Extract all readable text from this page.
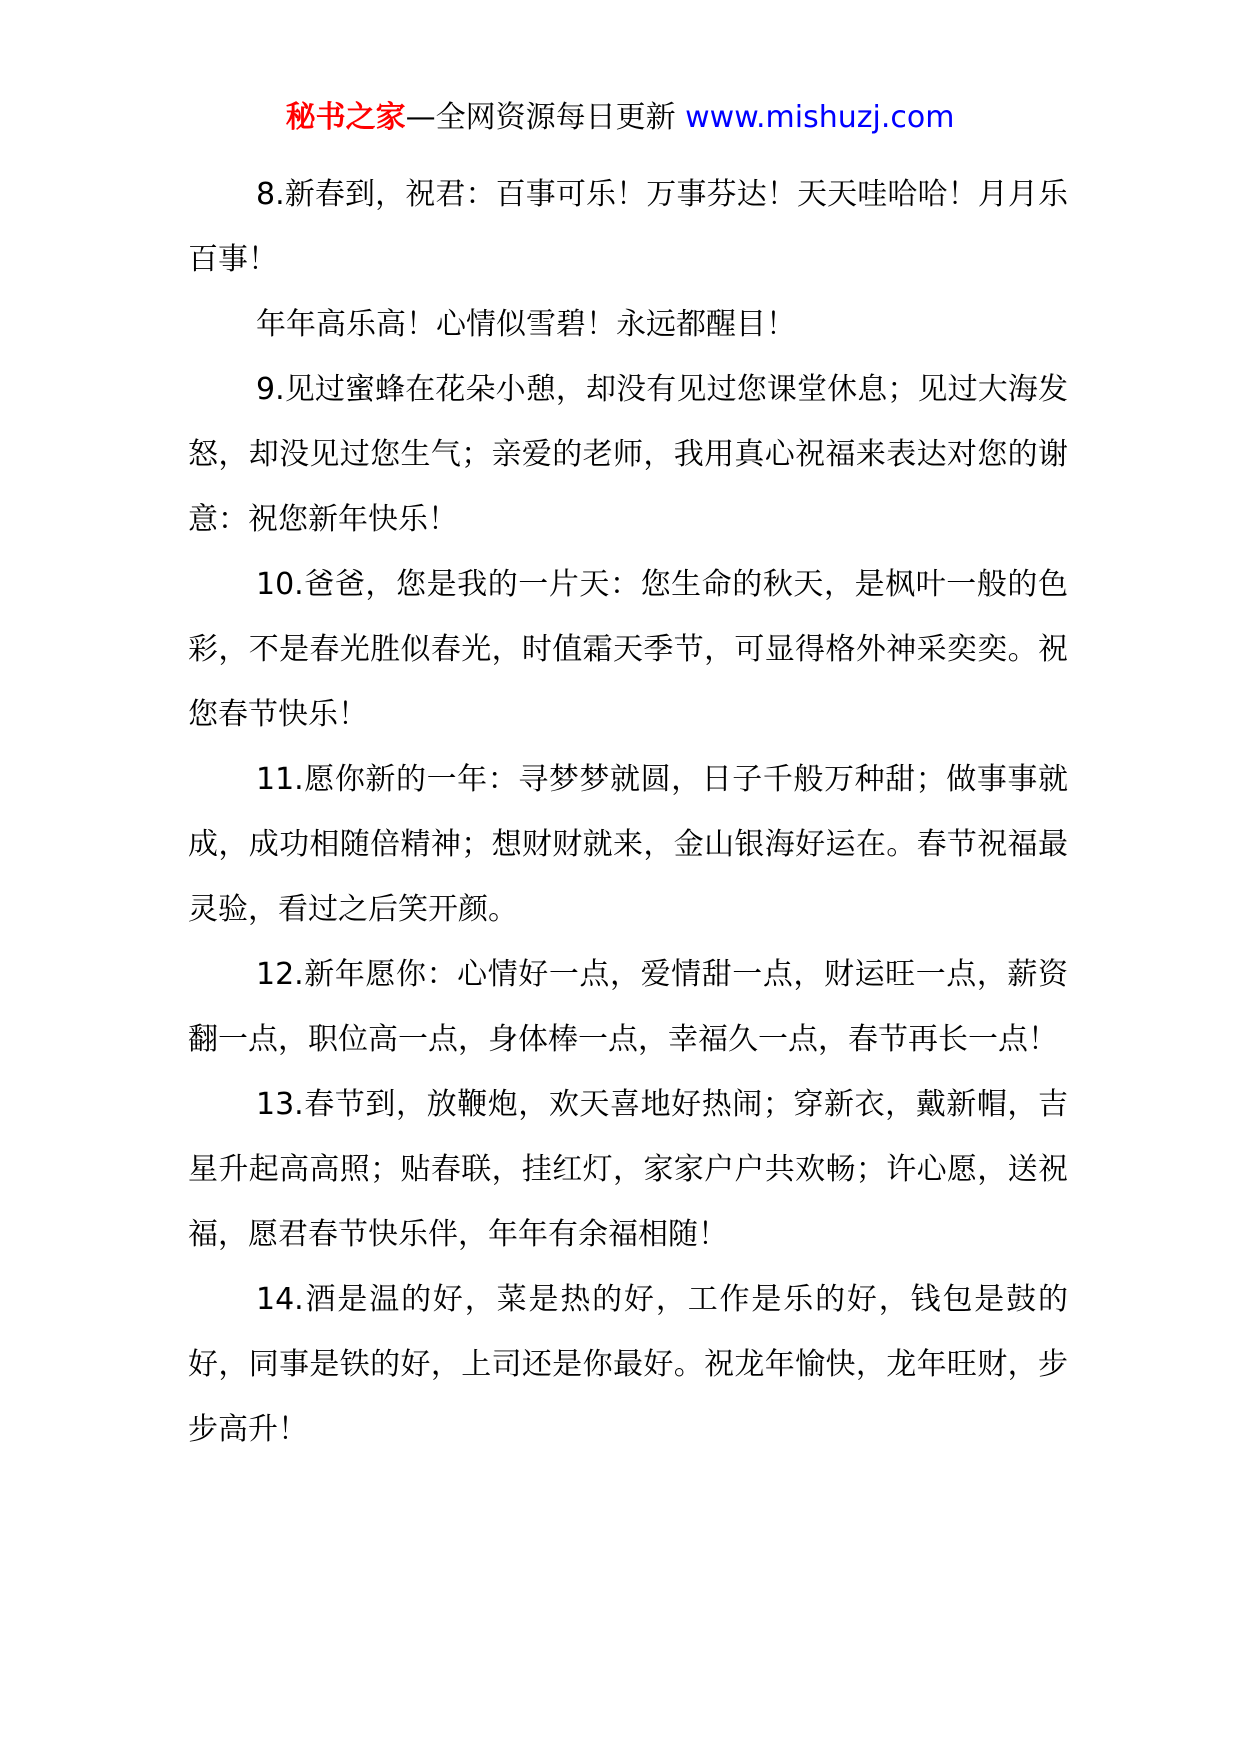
秘书之家—全网资源每日更新 www.mishuzj.com

8.新春到，祝君：百事可乐！万事芬达！天天哇哈哈！月月乐百事！

年年高乐高！心情似雪碧！永远都醒目！

9.见过蜜蜂在花朵小憩，却没有见过您课堂休息；见过大海发怒，却没见过您生气；亲爱的老师，我用真心祝福来表达对您的谢意：祝您新年快乐！

10.爸爸，您是我的一片天：您生命的秋天，是枫叶一般的色彩，不是春光胜似春光，时值霜天季节，可显得格外神采奕奕。祝您春节快乐！

11.愿你新的一年：寻梦梦就圆，日子千般万种甜；做事事就成，成功相随倍精神；想财财就来，金山银海好运在。春节祝福最灵验，看过之后笑开颜。

12.新年愿你：心情好一点，爱情甜一点，财运旺一点，薪资翻一点，职位高一点，身体棒一点，幸福久一点，春节再长一点！

13.春节到，放鞭炮，欢天喜地好热闹；穿新衣，戴新帽，吉星升起高高照；贴春联，挂红灯，家家户户共欢畅；许心愿，送祝福，愿君春节快乐伴，年年有余福相随！

14.酒是温的好，菜是热的好，工作是乐的好，钱包是鼓的好，同事是铁的好，上司还是你最好。祝龙年愉快，龙年旺财，步步高升！
